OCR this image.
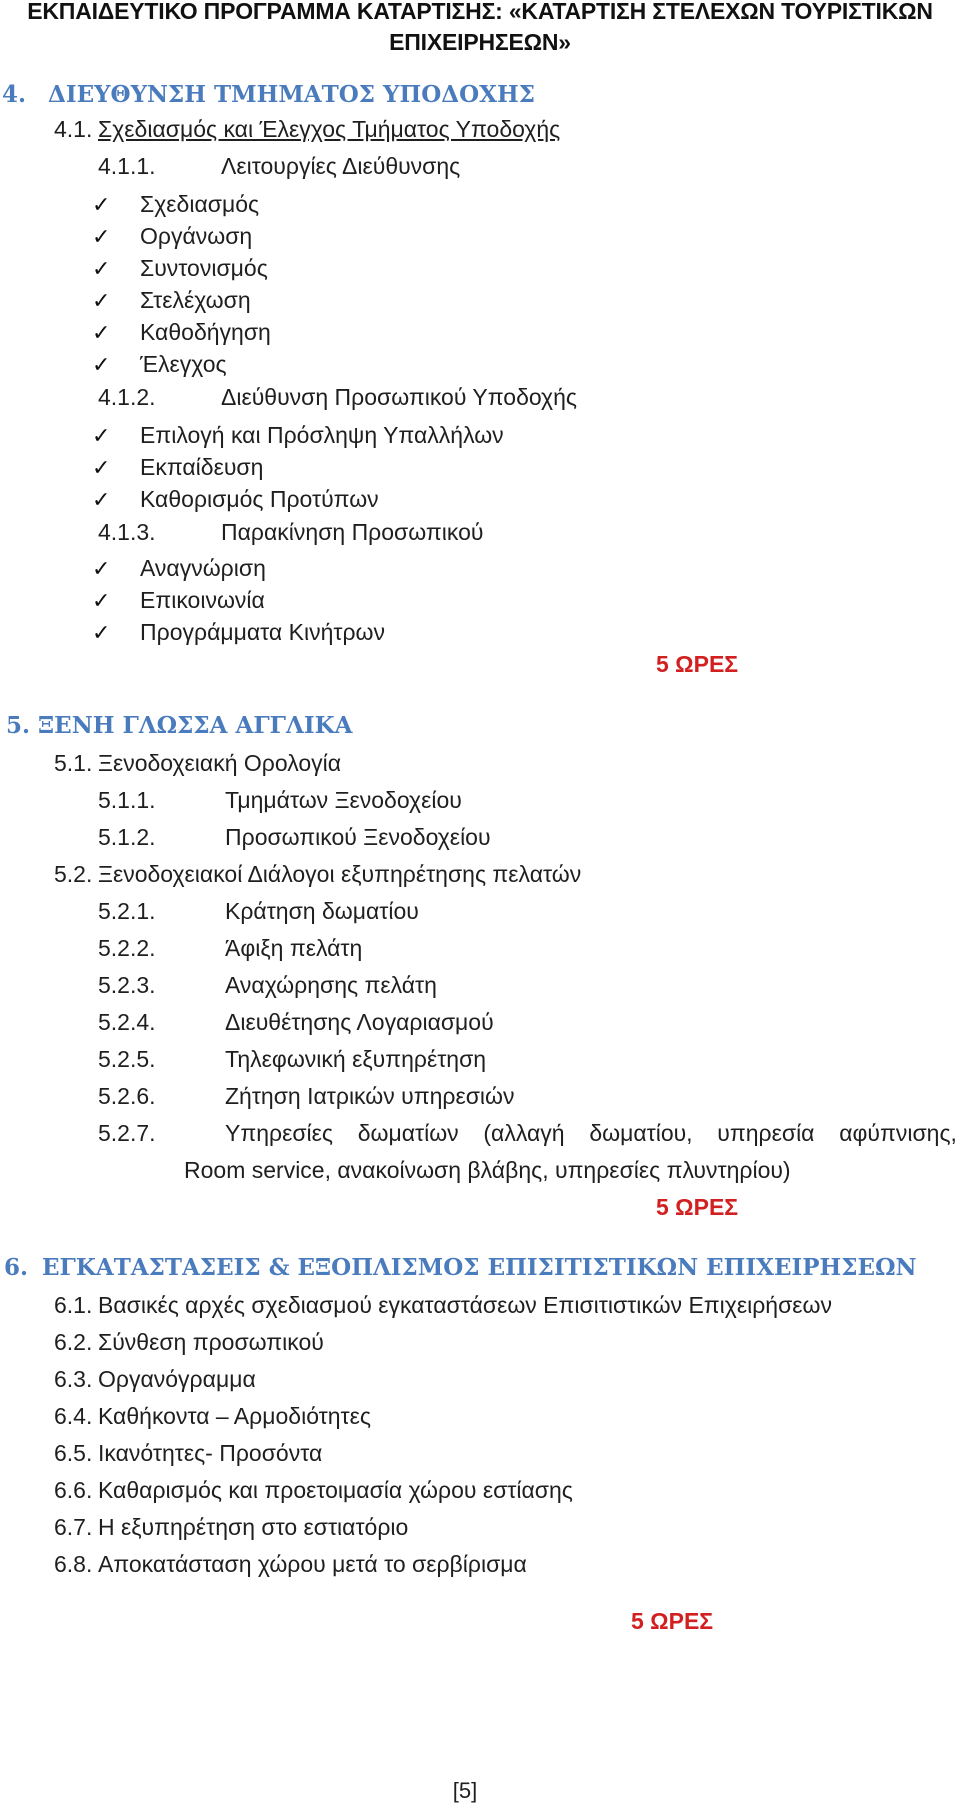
ΕΚΠΑΙΔΕΥΤΙΚΟ ΠΡΟΓΡΑΜΜΑ ΚΑΤΑΡΤΙΣΗΣ: «ΚΑΤΑΡΤΙΣΗ ΣΤΕΛΕΧΩΝ ΤΟΥΡΙΣΤΙΚΩΝ
ΕΠΙΧΕΙΡΗΣΕΩΝ»
4. ΔΙΕΥΘΥΝΣΗ ΤΜΗΜΑΤΟΣ ΥΠΟΔΟΧΗΣ
4.1. Σχεδιασμός και Έλεγχος Τμήματος Υποδοχής
4.1.1.	Λειτουργίες Διεύθυνσης
✓ Σχεδιασμός
✓ Οργάνωση
✓ Συντονισμός
✓ Στελέχωση
✓ Καθοδήγηση
✓ Έλεγχος
4.1.2.	Διεύθυνση Προσωπικού Υποδοχής
✓ Επιλογή και Πρόσληψη Υπαλλήλων
✓ Εκπαίδευση
✓ Καθορισμός Προτύπων
4.1.3.	Παρακίνηση Προσωπικού
✓ Αναγνώριση
✓ Επικοινωνία
✓ Προγράμματα Κινήτρων
5 ΩΡΕΣ
5. ΞΕΝΗ ΓΛΩΣΣΑ ΑΓΓΛΙΚΑ
5.1. Ξενοδοχειακή Ορολογία
5.1.1.	Τμημάτων Ξενοδοχείου
5.1.2.	Προσωπικού Ξενοδοχείου
5.2. Ξενοδοχειακοί Διάλογοι εξυπηρέτησης πελατών
5.2.1.	Κράτηση δωματίου
5.2.2.	Άφιξη πελάτη
5.2.3.	Αναχώρησης πελάτη
5.2.4.	Διευθέτησης Λογαριασμού
5.2.5.	Τηλεφωνική εξυπηρέτηση
5.2.6.	Ζήτηση Ιατρικών υπηρεσιών
5.2.7.	Υπηρεσίες δωματίων (αλλαγή δωματίου, υπηρεσία αφύπνισης,
Room service, ανακοίνωση βλάβης, υπηρεσίες πλυντηρίου)
5 ΩΡΕΣ
6. ΕΓΚΑΤΑΣΤΑΣΕΙΣ & ΕΞΟΠΛΙΣΜΟΣ ΕΠΙΣΙΤΙΣΤΙΚΩΝ ΕΠΙΧΕΙΡΗΣΕΩΝ
6.1. Βασικές αρχές σχεδιασμού εγκαταστάσεων Επισιτιστικών Επιχειρήσεων
6.2. Σύνθεση προσωπικού
6.3. Οργανόγραμμα
6.4. Καθήκοντα – Αρμοδιότητες
6.5. Ικανότητες- Προσόντα
6.6. Καθαρισμός και προετοιμασία χώρου εστίασης
6.7. Η εξυπηρέτηση στο εστιατόριο
6.8. Αποκατάσταση χώρου μετά το σερβίρισμα
5 ΩΡΕΣ
[5]
